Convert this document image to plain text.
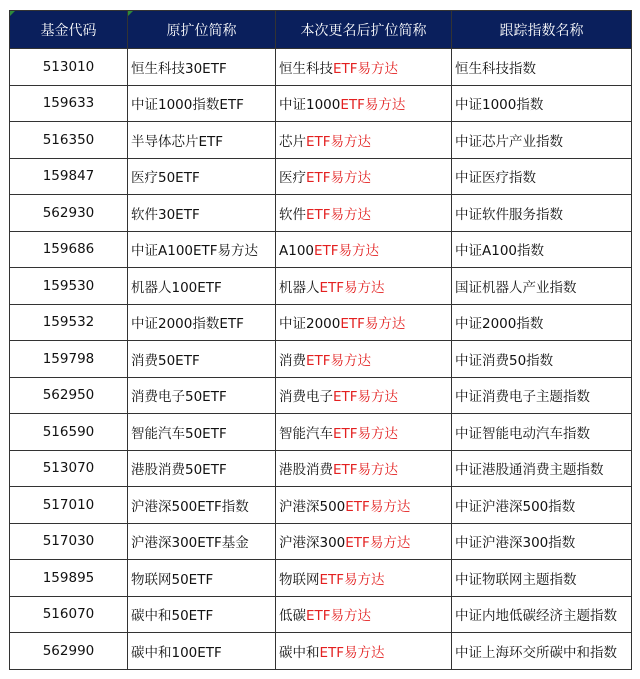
基金代码	原扩位简称	本次更名后扩位简称	跟踪指数名称
513010	恒生科技30ETF	恒生科技ETF易方达	恒生科技指数
159633	中证1000指数ETF	中证1000ETF易方达	中证1000指数
516350	半导体芯片ETF	芯片ETF易方达	中证芯片产业指数
159847	医疗50ETF	医疗ETF易方达	中证医疗指数
562930	软件30ETF	软件ETF易方达	中证软件服务指数
159686	中证A100ETF易方达	A100ETF易方达	中证A100指数
159530	机器人100ETF	机器人ETF易方达	国证机器人产业指数
159532	中证2000指数ETF	中证2000ETF易方达	中证2000指数
159798	消费50ETF	消费ETF易方达	中证消费50指数
562950	消费电子50ETF	消费电子ETF易方达	中证消费电子主题指数
516590	智能汽车50ETF	智能汽车ETF易方达	中证智能电动汽车指数
513070	港股消费50ETF	港股消费ETF易方达	中证港股通消费主题指数
517010	沪港深500ETF指数	沪港深500ETF易方达	中证沪港深500指数
517030	沪港深300ETF基金	沪港深300ETF易方达	中证沪港深300指数
159895	物联网50ETF	物联网ETF易方达	中证物联网主题指数
516070	碳中和50ETF	低碳ETF易方达	中证内地低碳经济主题指数
562990	碳中和100ETF	碳中和ETF易方达	中证上海环交所碳中和指数
